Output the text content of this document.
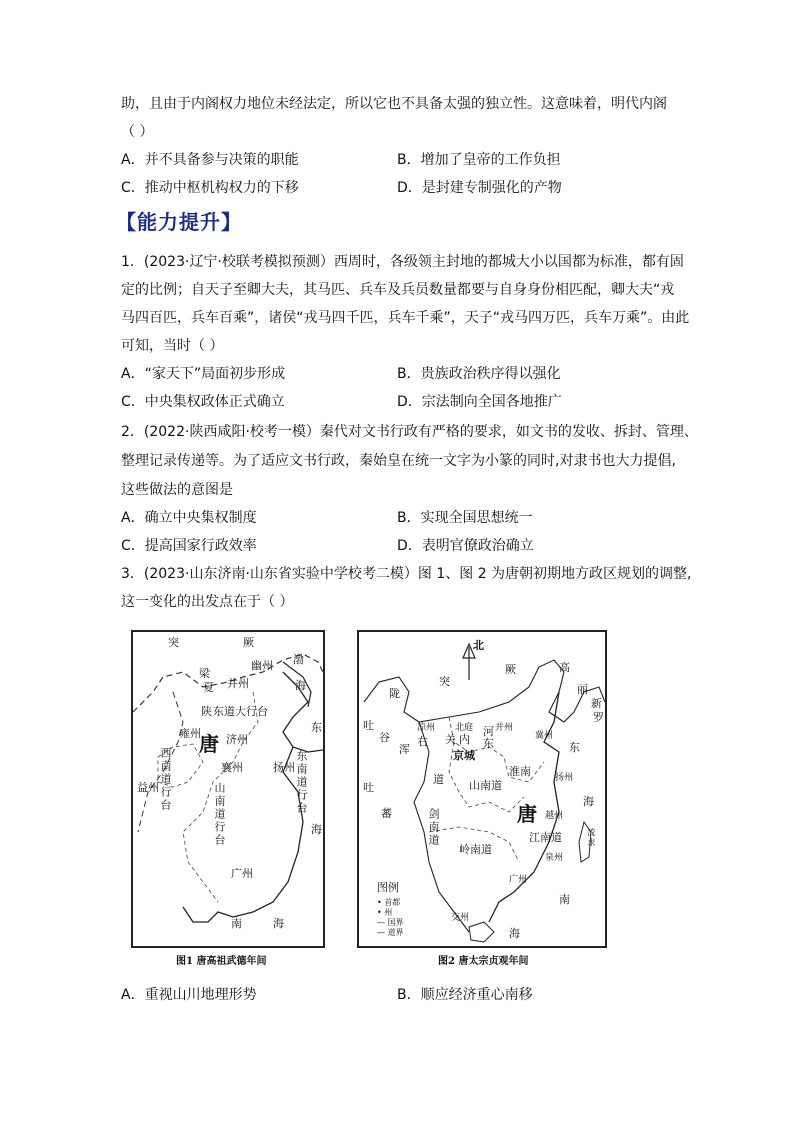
助，且由于内阁权力地位未经法定，所以它也不具备太强的独立性。这意味着，明代内阁
（ ）
A．并不具备参与决策的职能	B．增加了皇帝的工作负担
C．推动中枢机构权力的下移	D．是封建专制强化的产物
【能力提升】
1．(2023·辽宁·校联考模拟预测）西周时，各级领主封地的都城大小以国都为标准，都有固
定的比例；自天子至卿大夫，其马匹、兵车及兵员数量都要与自身身份相匹配，卿大夫“戎
马四百匹，兵车百乘”，诸侯“戎马四千匹，兵车千乘”，天子“戎马四万匹，兵车万乘”。由此
可知，当时（ ）
A．“家天下”局面初步形成	B．贵族政治秩序得以强化
C．中央集权政体正式确立	D．宗法制向全国各地推广
2．(2022·陕西咸阳·校考一模）秦代对文书行政有严格的要求，如文书的发收、拆封、管理、
整理记录传递等。为了适应文书行政，秦始皇在统一文字为小篆的同时,对隶书也大力提倡,
这些做法的意图是
A．确立中央集权制度	B．实现全国思想统一
C．提高国家行政效率	D．表明官僚政治确立
3．(2023·山东济南·山东省实验中学校考二模）图 1、图 2 为唐朝初期地方政区规划的调整,
这一变化的出发点在于（ ）
突	厥
梁
夏 并州
幽州 渤
海
陕 东道大行台
东
雍州
唐 济州
西南道行台
益州
襄州
山南道行台	东南道行台
扬州
海
广州
南	海
图1 唐高祖武德年间
北
突
厥	高
丽
新
罗
陇
吐
谷
浑
凉州
右
北庭
内
关
河
东
并州
冀州
京城
道
东
吐
蕃
扬州
剑南道
淮南
山南道
江南道
海
唐 越州
泉州
岭南道
广州
南
海
交州
流求
图例
• 首都
• 州
— 国界
— 道界
图2 唐太宗贞观年间
A．重视山川地理形势	B．顺应经济重心南移
